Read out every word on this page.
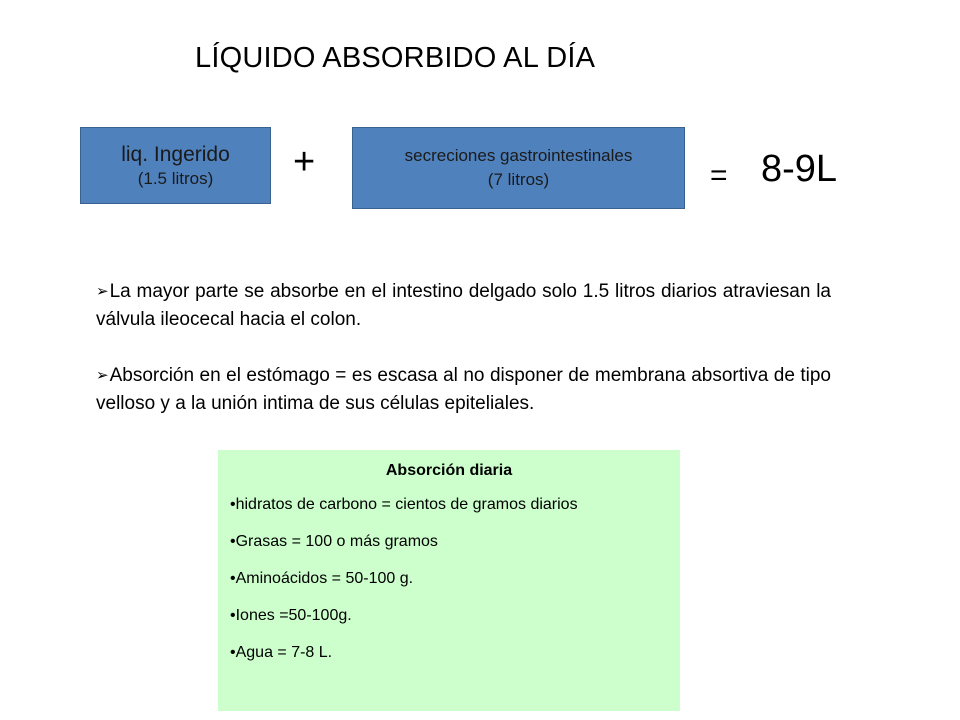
LÍQUIDO ABSORBIDO AL DÍA
liq. Ingerido
(1.5 litros) +	secreciones gastrointestinales
(7 litros)	= 8-9L

➢La mayor parte se absorbe en el intestino delgado solo 1.5 litros diarios atraviesan la válvula ileocecal hacia el colon.

➢Absorción en el estómago = es escasa al no disponer de membrana absortiva de tipo velloso y a la unión intima de sus células epiteliales.

Absorción diaria
•hidratos de carbono = cientos de gramos diarios
•Grasas = 100 o más gramos
•Aminoácidos = 50-100 g.
•Iones =50-100g.
•Agua = 7-8 L.
